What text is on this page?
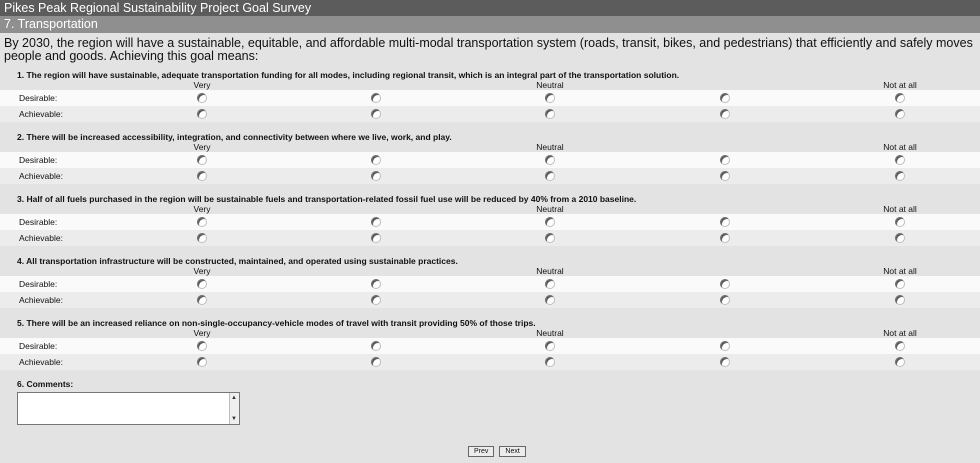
Pikes Peak Regional Sustainability Project Goal Survey
7. Transportation
By 2030, the region will have a sustainable, equitable, and affordable multi-modal transportation system (roads, transit, bikes, and pedestrians) that efficiently and safely moves people and goods. Achieving this goal means:
1. The region will have sustainable, adequate transportation funding for all modes, including regional transit, which is an integral part of the transportation solution.
Very	Neutral	Not at all
Desirable:
Achievable:
2. There will be increased accessibility, integration, and connectivity between where we live, work, and play.
Very	Neutral	Not at all
Desirable:
Achievable:
3. Half of all fuels purchased in the region will be sustainable fuels and transportation-related fossil fuel use will be reduced by 40% from a 2010 baseline.
Very	Neutral	Not at all
Desirable:
Achievable:
4. All transportation infrastructure will be constructed, maintained, and operated using sustainable practices.
Very	Neutral	Not at all
Desirable:
Achievable:
5. There will be an increased reliance on non-single-occupancy-vehicle modes of travel with transit providing 50% of those trips.
Very	Neutral	Not at all
Desirable:
Achievable:
6. Comments:
▲
▼
Prev	Next
